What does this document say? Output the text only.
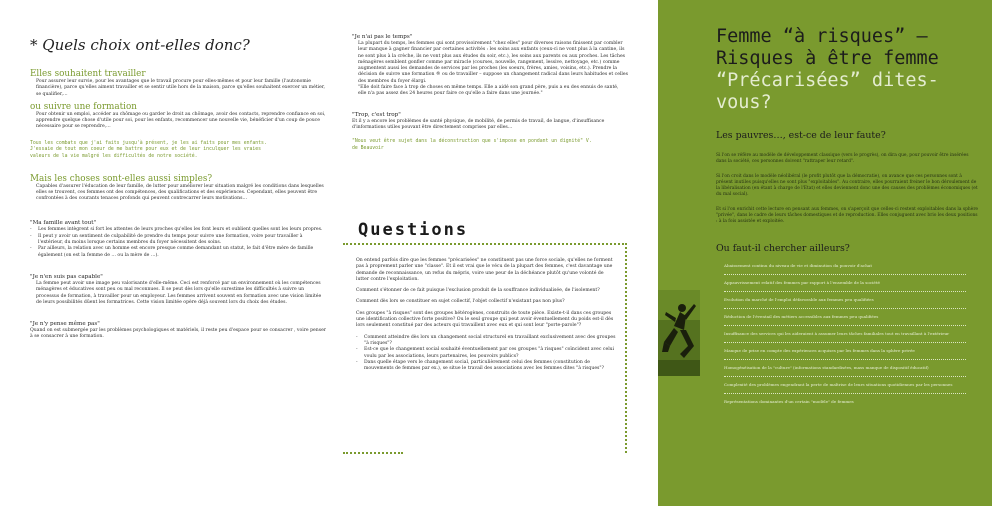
* Quels choix ont-elles donc?
Elles souhaitent travailler
Pour assurer leur survie, pour les avantages que le travail procure pour elles-mêmes et pour leur famille (l'autonomie financière), parce qu'elles aiment travailler et se sentir utile hors de la maison, parce qu'elles souhaitent exercer un métier, se qualifier,…
ou suivre une formation
Pour obtenir un emploi, accéder au chômage ou garder le droit au chômage, avoir des contacts, reprendre confiance en soi, apprendre quelque chose d'utile pour soi, pour les enfants, recommencer une nouvelle vie, bénéficier d'un coup de pouce nécessaire pour se reprendre,…
Tous les combats que j'ai faits jusqu'à présent, je les ai faits pour mes enfants. J'essaie de tout mon coeur de me battre pour eux et de leur inculquer les vraies valeurs de la vie malgré les difficultés de notre société.
Mais les choses sont-elles aussi simples?
Capables d'assurer l'éducation de leur famille, de lutter pour améliorer leur situation malgré les conditions dans lesquelles elles se trouvent, ces femmes ont des compétences, des qualifications et des expériences. Cependant, elles peuvent être confrontées à des courants tenaces profonds qui peuvent contrecarrer leurs motivations…
"Ma famille avant tout"
- Les femmes intègrent si fort les attentes de leurs proches qu'elles les font leurs et oublient quelles sont les leurs propres.
- Il peut y avoir un sentiment de culpabilité de prendre du temps pour suivre une formation, voire pour travailler à l'extérieur, du moins lorsque certains membres du foyer nécessitent des soins.
- Par ailleurs, la relation avec un homme est encore presque comme demandant un statut, le fait d'être mère de famille également (on est la femme de … ou la mère de …).
"Je n'en suis pas capable"
La femme peut avoir une image peu valorisante d'elle-même. Ceci est renforcé par un environnement où les compétences ménagères et éducatives sont peu ou mal reconnues. Il se peut dès lors qu'elle surestime les difficultés à suivre un processus de formation, à travailler pour un employeur. Les femmes arrivent souvent en formation avec une vision limitée de leurs possibilités dûent les formatrices. Cette vision limitée opère déjà souvent lors du choix des études.
"Je n'y pense même pas"
Quand on est submergée par les problèmes psychologiques et matériels, il reste peu d'espace pour se consacrer , voire penser à se consacrer à une formation.
"Je n'ai pas le temps"
La plupart du temps, les femmes qui sont provisoirement "chez elles" pour diverses raisons finissent par combler leur manque à gagner financier par certaines activités : les soins aux enfants (ceux-ci ne vont plus à la cantine, ils ne sont plus à la crèche, ils ne vont plus aux études du soir, etc.), les soins aux parents ou aux proches. Les tâches ménagères semblent gonfler comme par miracle (courses, nouvelle, rangement, lessive, nettoyage, etc.) comme augmentent aussi les demandes de services par les proches (les soeurs, frères, amies, voisins, etc.). Prendre la décision de suivre une formation ® ou de travailler – suppose un changement radical dans leurs habitudes et celles des membres du foyer élargi.
"Elle doit faire face à trop de choses en même temps. Elle a aidé son grand père, puis a eu des ennuis de santé, elle n'a pas assez des 24 heures pour faire ce qu'elle a faire dans une journée."
"Trop, c'est trop"
Et il y a encore les problèmes de santé physique, de mobilité, de permis de travail, de langue, d'insuffisance d'informations utiles pouvant être directement comprises par elles…
"Nous veut être sujet dans la déconstruction que s'impose en pondant un dignité" V. de Beauvoir
Questions
On entend parfois dire que les femmes "précarisées" ne constituent pas une force sociale, qu'elles ne forment pas à proprement parler une "classe". Et il est vrai que le vécu de la plupart des femmes, c'est davantage une demande de reconnaissance, un refus du mépris, voire une peur de la déchéance plutôt qu'une volonté de lutter contre l'exploitation.
Comment s'étonner de ce fait puisque l'exclusion produit de la souffrance individualisée, de l'isolement?
Comment dès lors se constituer en sujet collectif, l'objet collectif n'existant pas non plus?
Ces groupes "à risques" sont des groupes hétérogènes, construits de toute pièce. Existe-t-il dans ces groupes une identification collective forte positive? Ou le seul groupe qui peut avoir éventuellement du poids est-il dès lors seulement constitué par des acteurs qui travaillent avec eux et qui sont leur "porte-parole"?
- Comment atteindre dès lors un changement social structurel en travaillant exclusivement avec des groupes "à risques"?
- Est-ce que le changement social souhaité éventuellement par ces groupes "à risques" coïncident avec celui voulu par les associations, leurs partenaires, les pouvoirs publics?
- Dans quelle étape vers le changement social, particulièrement celui des femmes (constitution de mouvements de femmes par ex.), se situe le travail des associations avec les femmes dites "à risques"?
Femme “à risques” —
Risques à être femme
“Précarisées” dites-vous?
Les pauvres…, est-ce de leur faute?
Si l'on se réfère au modèle de développement classique (vers le progrès), on dira que, pour pouvoir être insérées dans la société, ces personnes doivent "rattraper leur retard".
Si l'on croit dans le modèle néolibéral (le profit plutôt que la démocratie), on avance que ces personnes sont à présent inutiles puisqu'elles ne sont plus "exploitables". Au contraire, elles pourraient freiner le bon déroulement de la libéralisation (en étant à charge de l'Etat) et elles deviennent donc une des causes des problèmes économiques (et du mal social).
Et si l'on enrichit cette lecture en pensant aux femmes, on s'aperçoit que celles-ci restent exploitables dans la sphère "privée", dans le cadre de leurs tâches domestiques et de reproduction. Elles conjuguent avec brio les deux positions : à la fois assistée et exploitée.
Ou faut-il chercher ailleurs?
Abaissement continu du niveau de vie et diminution du pouvoir d'achat
Appauvrissement relatif des femmes par rapport à l'ensemble de la société
Evolution du marché de l'emploi défavorable aux femmes peu qualifiées
Réduction de l'éventail des métiers accessibles aux femmes peu qualifiées
Insuffisance des services qui les aideraient à assumer leurs tâches familiales tout en travaillant à l'extérieur
Manque de prise en compte des expériences acquises par les femmes dans la sphère privée
Homogénéisation de la "culture" (informations standardisées, mass manque de dispositif éducatif)
Complexité des problèmes engendrant la perte de maîtrise de leurs situations quotidiennes par les personnes
Représentations dominantes d'un certain "modèle" de femmes
